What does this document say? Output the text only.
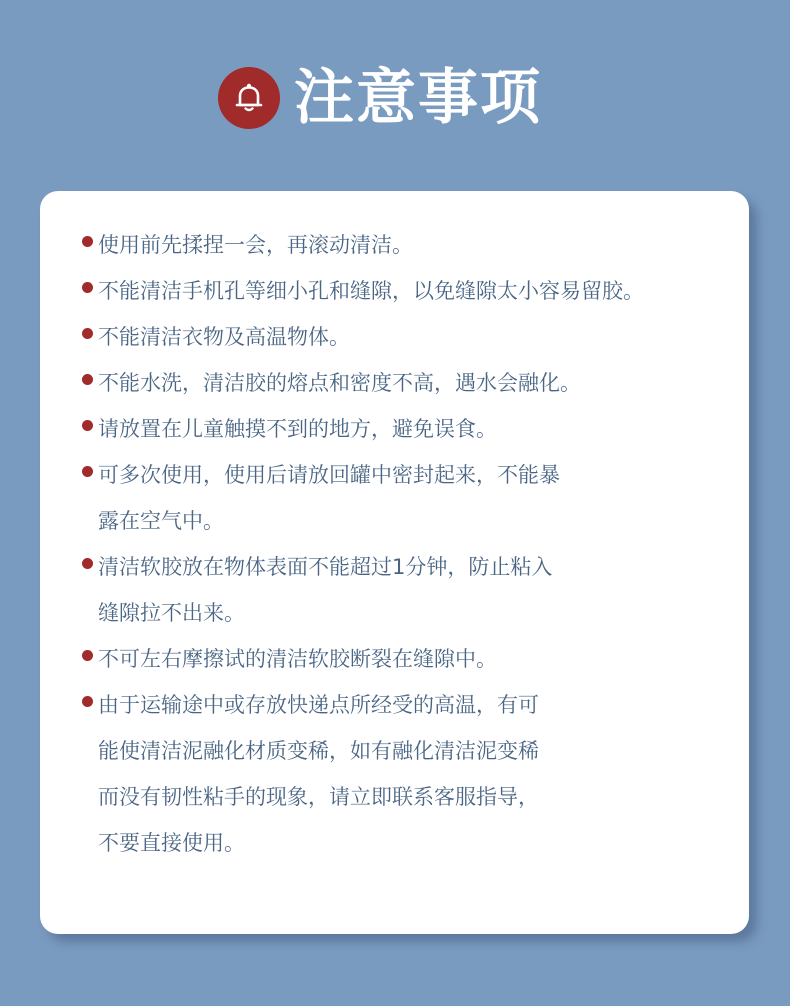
注意事项
使用前先揉捏一会，再滚动清洁。
不能清洁手机孔等细小孔和缝隙，以免缝隙太小容易留胶。
不能清洁衣物及高温物体。
不能水洗，清洁胶的熔点和密度不高，遇水会融化。
请放置在儿童触摸不到的地方，避免误食。
可多次使用，使用后请放回罐中密封起来，不能暴
露在空气中。
清洁软胶放在物体表面不能超过1分钟，防止粘入
缝隙拉不出来。
不可左右摩擦试的清洁软胶断裂在缝隙中。
由于运输途中或存放快递点所经受的高温，有可
能使清洁泥融化材质变稀，如有融化清洁泥变稀
而没有韧性粘手的现象，请立即联系客服指导，
不要直接使用。
